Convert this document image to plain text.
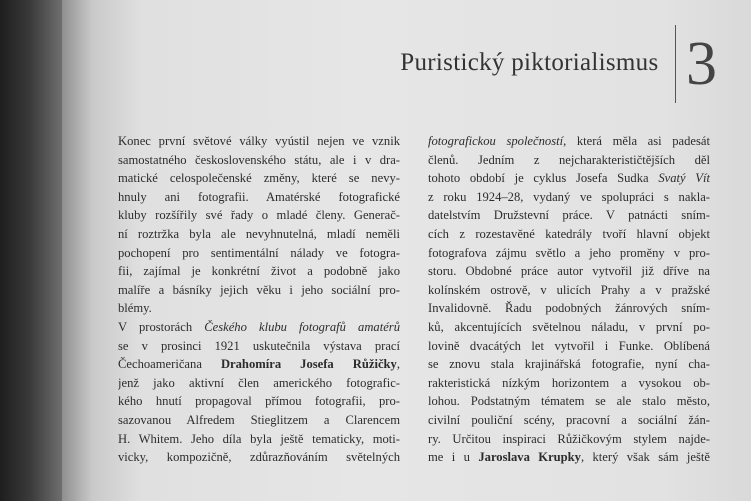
Puristický piktorialismus 3
Konec první světové války vyústil nejen ve vznik
samostatného československého státu, ale i v dra-
matické celospolečenské změny, které se nevy-
hnuly ani fotografii. Amatérské fotografické
kluby rozšířily své řady o mladé členy. Generač-
ní roztržka byla ale nevyhnutelná, mladí neměli
pochopení pro sentimentální nálady ve fotogra-
fii, zajímal je konkrétní život a podobně jako
malíře a básníky jejich věku i jeho sociální pro-
blémy.
V prostorách Českého klubu fotografů amatérů
se v prosinci 1921 uskutečnila výstava prací
Čechoameričana Drahomíra Josefa Růžičky,
jenž jako aktivní člen amerického fotografic-
kého hnutí propagoval přímou fotografii, pro-
sazovanou Alfredem Stieglitzem a Clarencem
H. Whitem. Jeho díla byla ještě tematicky, moti-
vicky, kompozičně, zdůrazňováním světelných
fotografickou společností, která měla asi padesát
členů. Jedním z nejcharakterističtějších děl
tohoto období je cyklus Josefa Sudka Svatý Vít
z roku 1924–28, vydaný ve spolupráci s nakla-
datelstvím Družstevní práce. V patnácti sním-
cích z rozestavěné katedrály tvoří hlavní objekt
fotografova zájmu světlo a jeho proměny v pro-
storu. Obdobné práce autor vytvořil již dříve na
kolínském ostrově, v ulicích Prahy a v pražské
Invalidovně. Řadu podobných žánrových sním-
ků, akcentujících světelnou náladu, v první po-
lovině dvacátých let vytvořil i Funke. Oblíbená
se znovu stala krajinářská fotografie, nyní cha-
rakteristická nízkým horizontem a vysokou ob-
lohou. Podstatným tématem se ale stalo město,
civilní pouliční scény, pracovní a sociální žán-
ry. Určitou inspiraci Růžičkovým stylem najde-
me i u Jaroslava Krupky, který však sám ještě
